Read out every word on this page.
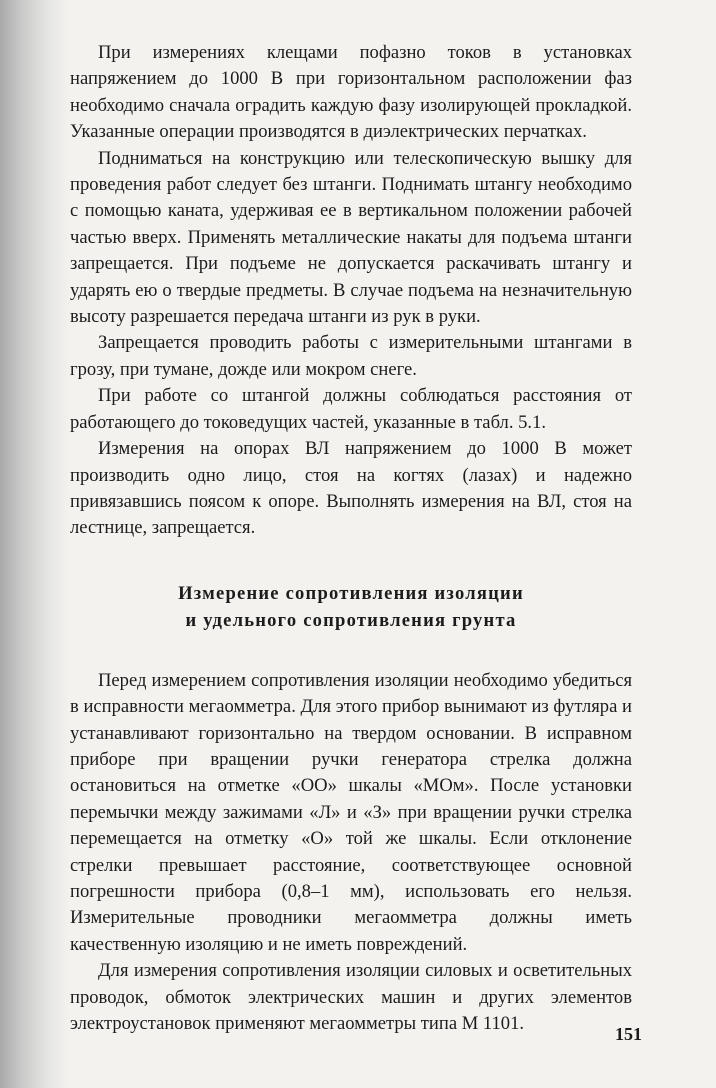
При измерениях клещами пофазно токов в установках напряжением до 1000 В при горизонтальном расположении фаз необходимо сначала оградить каждую фазу изолирующей прокладкой. Указанные операции производятся в диэлектрических перчатках.

Подниматься на конструкцию или телескопическую вышку для проведения работ следует без штанги. Поднимать штангу необходимо с помощью каната, удерживая ее в вертикальном положении рабочей частью вверх. Применять металлические накаты для подъема штанги запрещается. При подъеме не допускается раскачивать штангу и ударять ею о твердые предметы. В случае подъема на незначительную высоту разрешается передача штанги из рук в руки.

Запрещается проводить работы с измерительными штангами в грозу, при тумане, дожде или мокром снеге.

При работе со штангой должны соблюдаться расстояния от работающего до токоведущих частей, указанные в табл. 5.1.

Измерения на опорах ВЛ напряжением до 1000 В может производить одно лицо, стоя на когтях (лазах) и надежно привязавшись поясом к опоре. Выполнять измерения на ВЛ, стоя на лестнице, запрещается.

Измерение сопротивления изоляции
и удельного сопротивления грунта

Перед измерением сопротивления изоляции необходимо убедиться в исправности мегаомметра. Для этого прибор вынимают из футляра и устанавливают горизонтально на твердом основании. В исправном приборе при вращении ручки генератора стрелка должна остановиться на отметке «ОО» шкалы «МОм». После установки перемычки между зажимами «Л» и «З» при вращении ручки стрелка перемещается на отметку «О» той же шкалы. Если отклонение стрелки превышает расстояние, соответствующее основной погрешности прибора (0,8–1 мм), использовать его нельзя. Измерительные проводники мегаомметра должны иметь качественную изоляцию и не иметь повреждений.

Для измерения сопротивления изоляции силовых и осветительных проводок, обмоток электрических машин и других элементов электроустановок применяют мегаомметры типа М 1101.	151
